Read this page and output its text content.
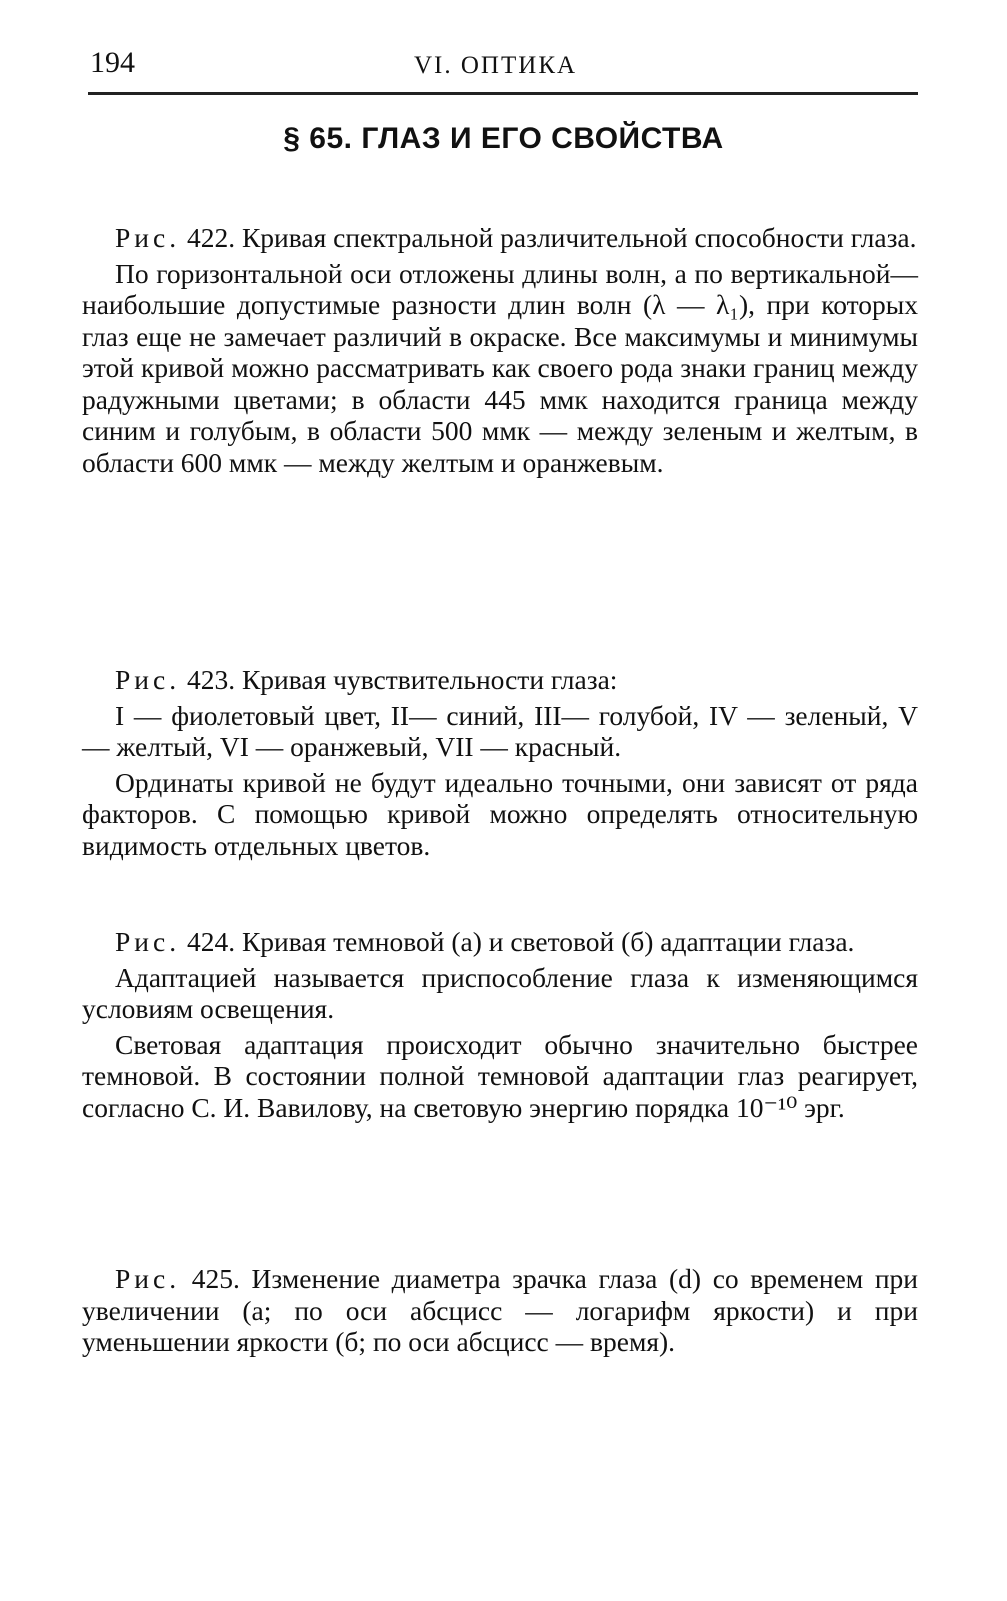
194	VI. ОПТИКА
§ 65. ГЛАЗ И ЕГО СВОЙСТВА

Рис. 422. Кривая спектральной различительной способности глаза.

По горизонтальной оси отложены длины волн, а по вертикальной—наибольшие допустимые разности длин волн (λ — λ₁), при которых глаз еще не замечает различий в окраске. Все максимумы и минимумы этой кривой можно рассматривать как своего рода знаки границ между радужными цветами; в области 445 ммк находится граница между синим и голубым, в области 500 ммк — между зеленым и желтым, в области 600 ммк — между желтым и оранжевым.

Рис. 423. Кривая чувствительности глаза:

I — фиолетовый цвет, II— синий, III— голубой, IV — зеленый, V — желтый, VI — оранжевый, VII — красный.

Ординаты кривой не будут идеально точными, они зависят от ряда факторов. С помощью кривой можно определять относительную видимость отдельных цветов.

Рис. 424. Кривая темновой (а) и световой (б) адаптации глаза.

Адаптацией называется приспособление глаза к изменяющимся условиям освещения.

Световая адаптация происходит обычно значительно быстрее темновой. В состоянии полной темновой адаптации глаз реагирует, согласно С. И. Вавилову, на световую энергию порядка 10⁻¹⁰ эрг.

Рис. 425. Изменение диаметра зрачка глаза (d) со временем при увеличении (а; по оси абсцисс — логарифм яркости) и при уменьшении яркости (б; по оси абсцисс — время).
